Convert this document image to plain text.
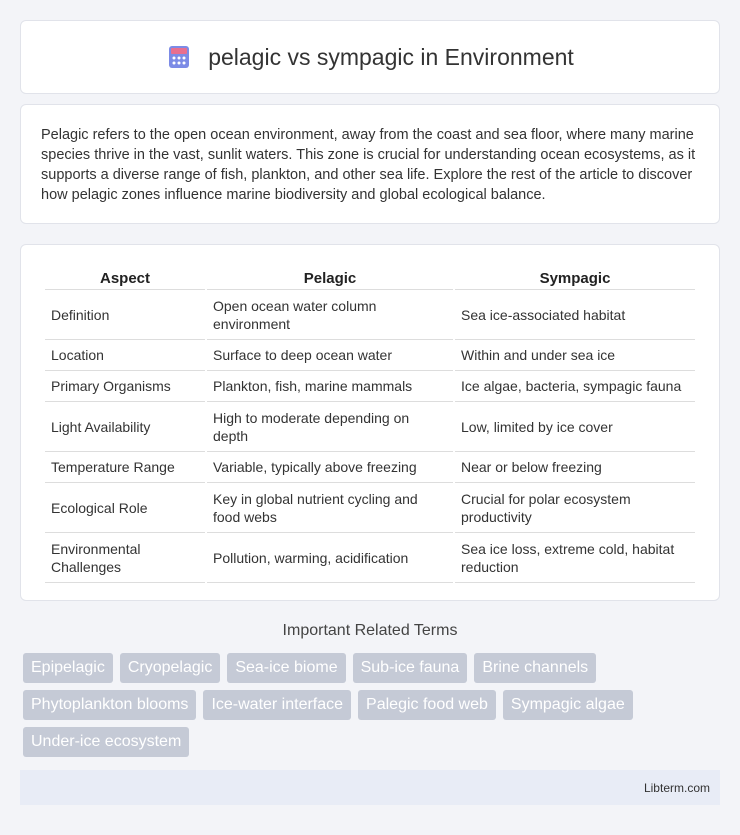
pelagic vs sympagic in Environment

Pelagic refers to the open ocean environment, away from the coast and sea floor, where many marine species thrive in the vast, sunlit waters. This zone is crucial for understanding ocean ecosystems, as it supports a diverse range of fish, plankton, and other sea life. Explore the rest of the article to discover how pelagic zones influence marine biodiversity and global ecological balance.

Aspect	Pelagic	Sympagic
Definition	Open ocean water column environment	Sea ice-associated habitat
Location	Surface to deep ocean water	Within and under sea ice
Primary Organisms	Plankton, fish, marine mammals	Ice algae, bacteria, sympagic fauna
Light Availability	High to moderate depending on depth	Low, limited by ice cover
Temperature Range	Variable, typically above freezing	Near or below freezing
Ecological Role	Key in global nutrient cycling and food webs	Crucial for polar ecosystem productivity
Environmental Challenges	Pollution, warming, acidification	Sea ice loss, extreme cold, habitat reduction
Important Related Terms
Epipelagic	Cryopelagic	Sea-ice biome	Sub-ice fauna	Brine channels
Phytoplankton blooms	Ice-water interface	Palegic food web	Sympagic algae
Under-ice ecosystem
Libterm.com
